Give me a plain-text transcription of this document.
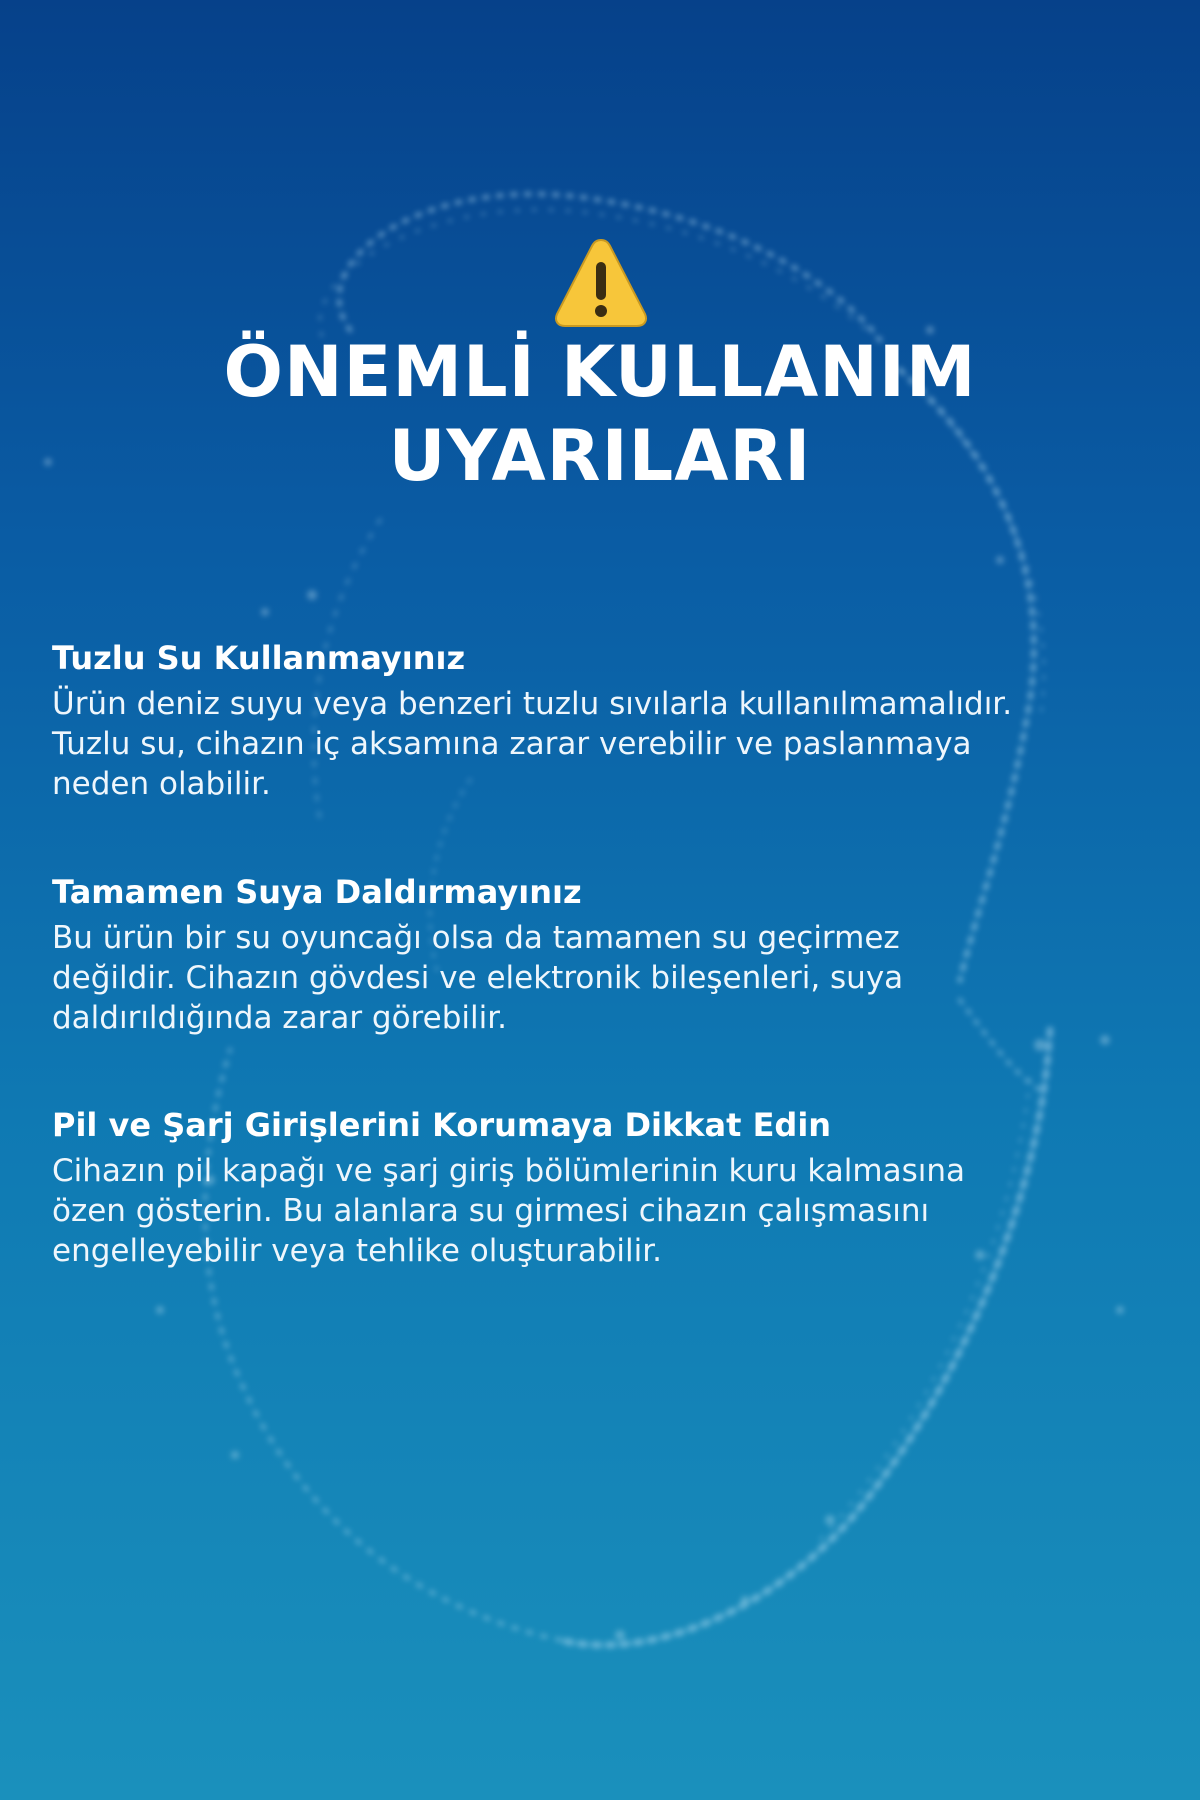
ÖNEMLİ KULLANIM
UYARILARI
Tuzlu Su Kullanmayınız
Ürün deniz suyu veya benzeri tuzlu sıvılarla kullanılmamalıdır.
Tuzlu su, cihazın iç aksamına zarar verebilir ve paslanmaya
neden olabilir.
Tamamen Suya Daldırmayınız
Bu ürün bir su oyuncağı olsa da tamamen su geçirmez
değildir. Cihazın gövdesi ve elektronik bileşenleri, suya
daldırıldığında zarar görebilir.
Pil ve Şarj Girişlerini Korumaya Dikkat Edin
Cihazın pil kapağı ve şarj giriş bölümlerinin kuru kalmasına
özen gösterin. Bu alanlara su girmesi cihazın çalışmasını
engelleyebilir veya tehlike oluşturabilir.
